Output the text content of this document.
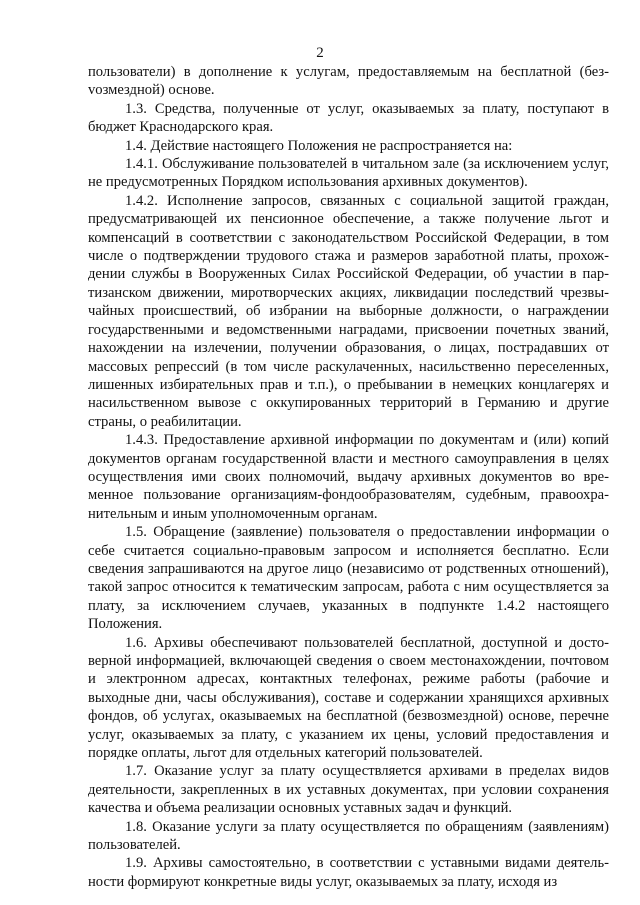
2

пользователи) в дополнение к услугам, предоставляемым на бесплатной (безvозмездной) основе.

1.3. Средства, полученные от услуг, оказываемых за плату, поступают в бюджет Краснодарского края.

1.4. Действие настоящего Положения не распространяется на:

1.4.1. Обслуживание пользователей в читальном зале (за исключением услуг, не предусмотренных Порядком использования архивных документов).

1.4.2. Исполнение запросов, связанных с социальной защитой граждан, предусматривающей их пенсионное обеспечение, а также получение льгот и компенсаций в соответствии с законодательством Российской Федерации, в том числе о подтверждении трудового стажа и размеров заработной платы, прохождении службы в Вооруженных Силах Российской Федерации, об участии в партизанском движении, миротворческих акциях, ликвидации последствий чрезвычайных происшествий, об избрании на выборные должности, о награждении государственными и ведомственными наградами, присвоении почетных званий, нахождении на излечении, получении образования, о лицах, пострадавших от массовых репрессий (в том числе раскулаченных, насильственно переселенных, лишенных избирательных прав и т.п.), о пребывании в немецких концлагерях и насильственном вывозе с оккупированных территорий в Германию и другие страны, о реабилитации.

1.4.3. Предоставление архивной информации по документам и (или) копий документов органам государственной власти и местного самоуправления в целях осуществления ими своих полномочий, выдачу архивных документов во временное пользование организациям-фондообразователям, судебным, правоохранительным и иным уполномоченным органам.

1.5. Обращение (заявление) пользователя о предоставлении информации о себе считается социально-правовым запросом и исполняется бесплатно. Если сведения запрашиваются на другое лицо (независимо от родственных отношений), такой запрос относится к тематическим запросам, работа с ним осуществляется за плату, за исключением случаев, указанных в подпункте 1.4.2 настоящего Положения.

1.6. Архивы обеспечивают пользователей бесплатной, доступной и достоверной информацией, включающей сведения о своем местонахождении, почтовом и электронном адресах, контактных телефонах, режиме работы (рабочие и выходные дни, часы обслуживания), составе и содержании хранящихся архивных фондов, об услугах, оказываемых на бесплатной (безвозмездной) основе, перечне услуг, оказываемых за плату, с указанием их цены, условий предоставления и порядке оплаты, льгот для отдельных категорий пользователей.

1.7. Оказание услуг за плату осуществляется архивами в пределах видов деятельности, закрепленных в их уставных документах, при условии сохранения качества и объема реализации основных уставных задач и функций.

1.8. Оказание услуги за плату осуществляется по обращениям (заявлениям) пользователей.

1.9. Архивы самостоятельно, в соответствии с уставными видами деятельности формируют конкретные виды услуг, оказываемых за плату, исходя из
